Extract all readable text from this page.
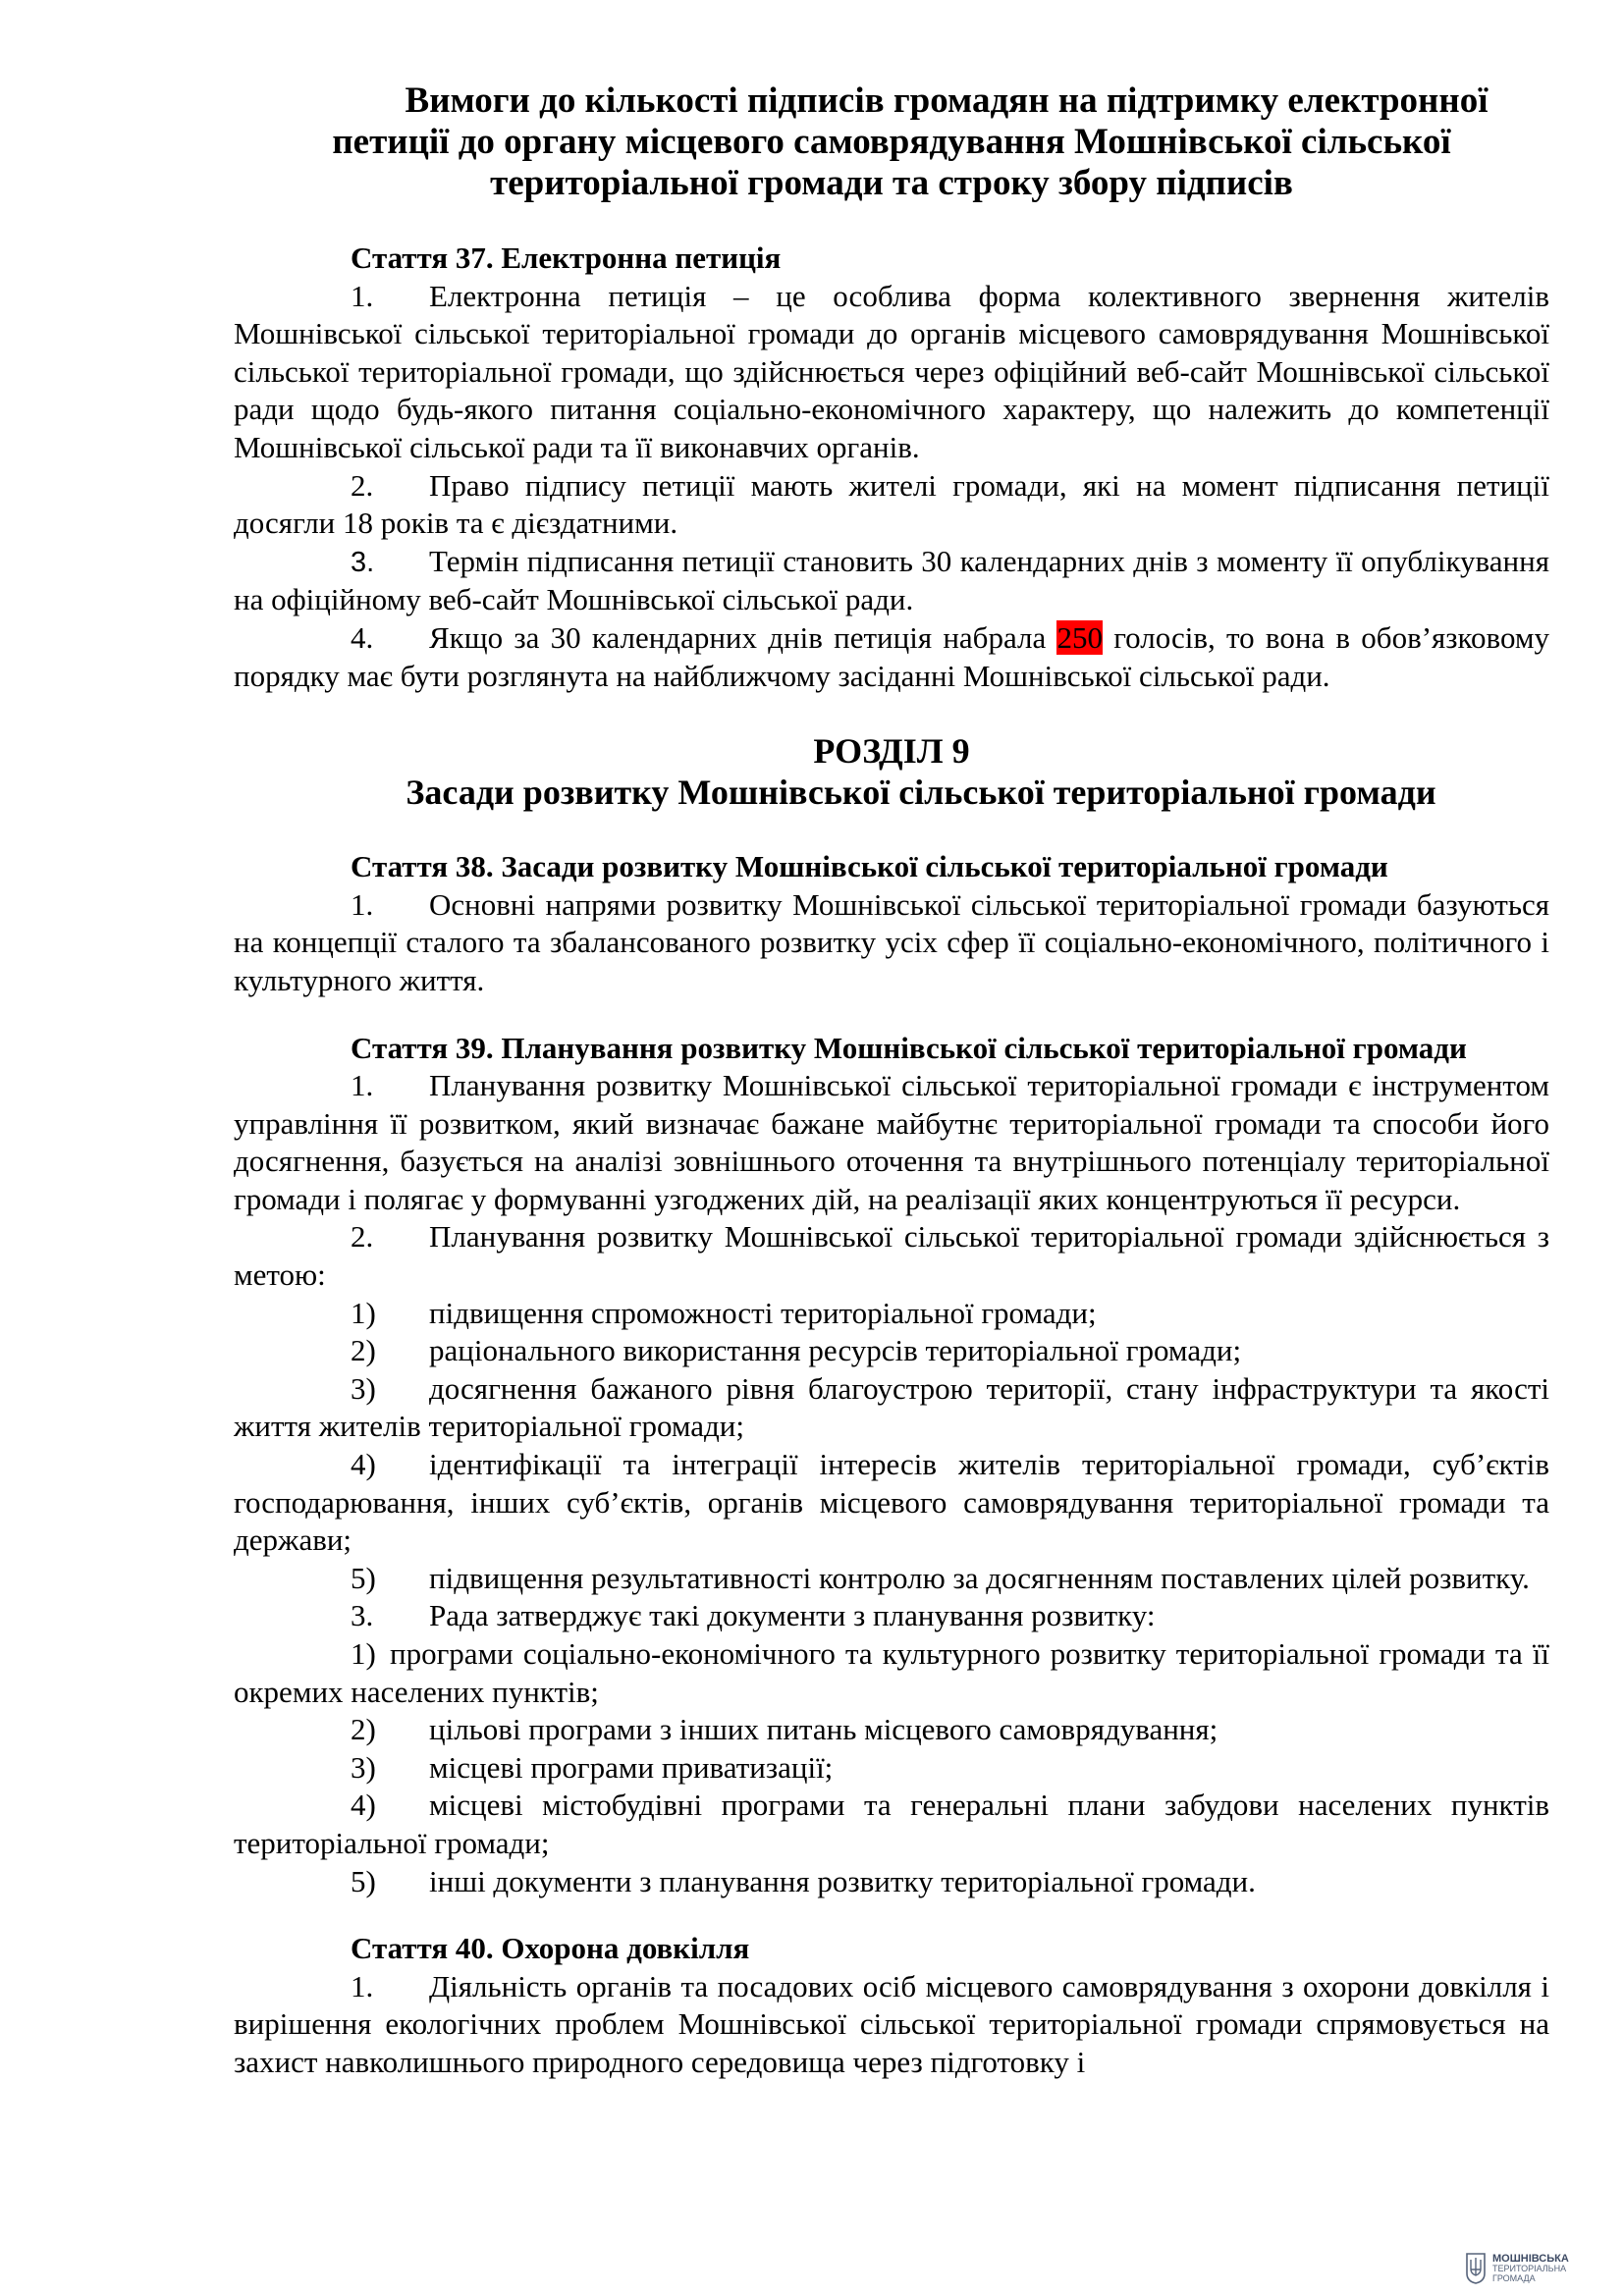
Вимоги до кількості підписів громадян на підтримку електронної
петиції до органу місцевого самоврядування Мошнівської сільської
територіальної громади та строку збору підписів
Стаття 37. Електронна петиція

1. Електронна петиція – це особлива форма колективного звернення жителів Мошнівської сільської територіальної громади до органів місцевого самоврядування Мошнівської сільської територіальної громади, що здійснюється через офіційний веб-сайт Мошнівської сільської ради щодо будь-якого питання соціально-економічного характеру, що належить до компетенції Мошнівської сільської ради та її виконавчих органів.

2. Право підпису петиції мають жителі громади, які на момент підписання петиції досягли 18 років та є дієздатними.

3. Термін підписання петиції становить 30 календарних днів з моменту її опублікування на офіційному веб-сайт Мошнівської сільської ради.

4. Якщо за 30 календарних днів петиція набрала 250 голосів, то вона в обов’язковому порядку має бути розглянута на найближчому засіданні Мошнівської сільської ради.

РОЗДІЛ 9
Засади розвитку Мошнівської сільської територіальної громади
Стаття 38. Засади розвитку Мошнівської сільської територіальної громади

1. Основні напрями розвитку Мошнівської сільської територіальної громади базуються на концепції сталого та збалансованого розвитку усіх сфер її соціально-економічного, політичного і культурного життя.

Стаття 39. Планування розвитку Мошнівської сільської територіальної громади

1. Планування розвитку Мошнівської сільської територіальної громади є інструментом управління її розвитком, який визначає бажане майбутнє територіальної громади та способи його досягнення, базується на аналізі зовнішнього оточення та внутрішнього потенціалу територіальної громади і полягає у формуванні узгоджених дій, на реалізації яких концентруються її ресурси.

2. Планування розвитку Мошнівської сільської територіальної громади здійснюється з метою:

1) підвищення спроможності територіальної громади;

2) раціонального використання ресурсів територіальної громади;

3) досягнення бажаного рівня благоустрою території, стану інфраструктури та якості життя жителів територіальної громади;

4) ідентифікації та інтеграції інтересів жителів територіальної громади, суб’єктів господарювання, інших суб’єктів, органів місцевого самоврядування територіальної громади та держави;

5) підвищення результативності контролю за досягненням поставлених цілей розвитку.

3. Рада затверджує такі документи з планування розвитку:

1) програми соціально-економічного та культурного розвитку територіальної громади та її окремих населених пунктів;

2) цільові програми з інших питань місцевого самоврядування;

3) місцеві програми приватизації;

4) місцеві містобудівні програми та генеральні плани забудови населених пунктів територіальної громади;

5) інші документи з планування розвитку територіальної громади.

Стаття 40. Охорона довкілля

1. Діяльність органів та посадових осіб місцевого самоврядування з охорони довкілля і вирішення екологічних проблем Мошнівської сільської територіальної громади спрямовується на захист навколишнього природного середовища через підготовку і

МОШНІВСЬКА
ТЕРИТОРІАЛЬНА
ГРОМАДА
